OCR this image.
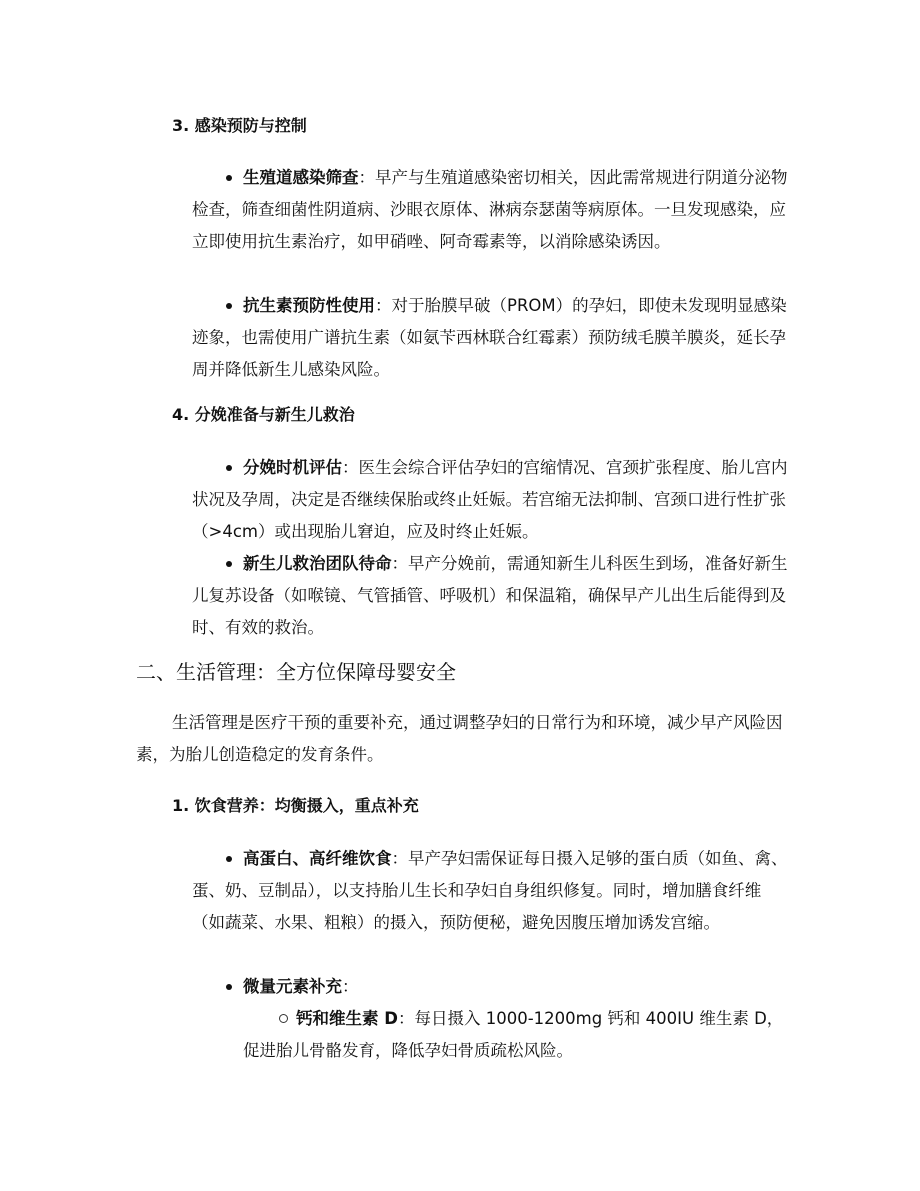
3. 感染预防与控制
生殖道感染筛查：早产与生殖道感染密切相关，因此需常规进行阴道分泌物检查，筛查细菌性阴道病、沙眼衣原体、淋病奈瑟菌等病原体。一旦发现感染，应立即使用抗生素治疗，如甲硝唑、阿奇霉素等，以消除感染诱因。
抗生素预防性使用：对于胎膜早破（PROM）的孕妇，即使未发现明显感染迹象，也需使用广谱抗生素（如氨苄西林联合红霉素）预防绒毛膜羊膜炎，延长孕周并降低新生儿感染风险。
4. 分娩准备与新生儿救治
分娩时机评估：医生会综合评估孕妇的宫缩情况、宫颈扩张程度、胎儿宫内状况及孕周，决定是否继续保胎或终止妊娠。若宫缩无法抑制、宫颈口进行性扩张（>4cm）或出现胎儿窘迫，应及时终止妊娠。
新生儿救治团队待命：早产分娩前，需通知新生儿科医生到场，准备好新生儿复苏设备（如喉镜、气管插管、呼吸机）和保温箱，确保早产儿出生后能得到及时、有效的救治。
二、生活管理：全方位保障母婴安全
生活管理是医疗干预的重要补充，通过调整孕妇的日常行为和环境，减少早产风险因素，为胎儿创造稳定的发育条件。
1. 饮食营养：均衡摄入，重点补充
高蛋白、高纤维饮食：早产孕妇需保证每日摄入足够的蛋白质（如鱼、禽、蛋、奶、豆制品），以支持胎儿生长和孕妇自身组织修复。同时，增加膳食纤维（如蔬菜、水果、粗粮）的摄入，预防便秘，避免因腹压增加诱发宫缩。
微量元素补充：
钙和维生素 D：每日摄入 1000-1200mg 钙和 400IU 维生素 D，促进胎儿骨骼发育，降低孕妇骨质疏松风险。
